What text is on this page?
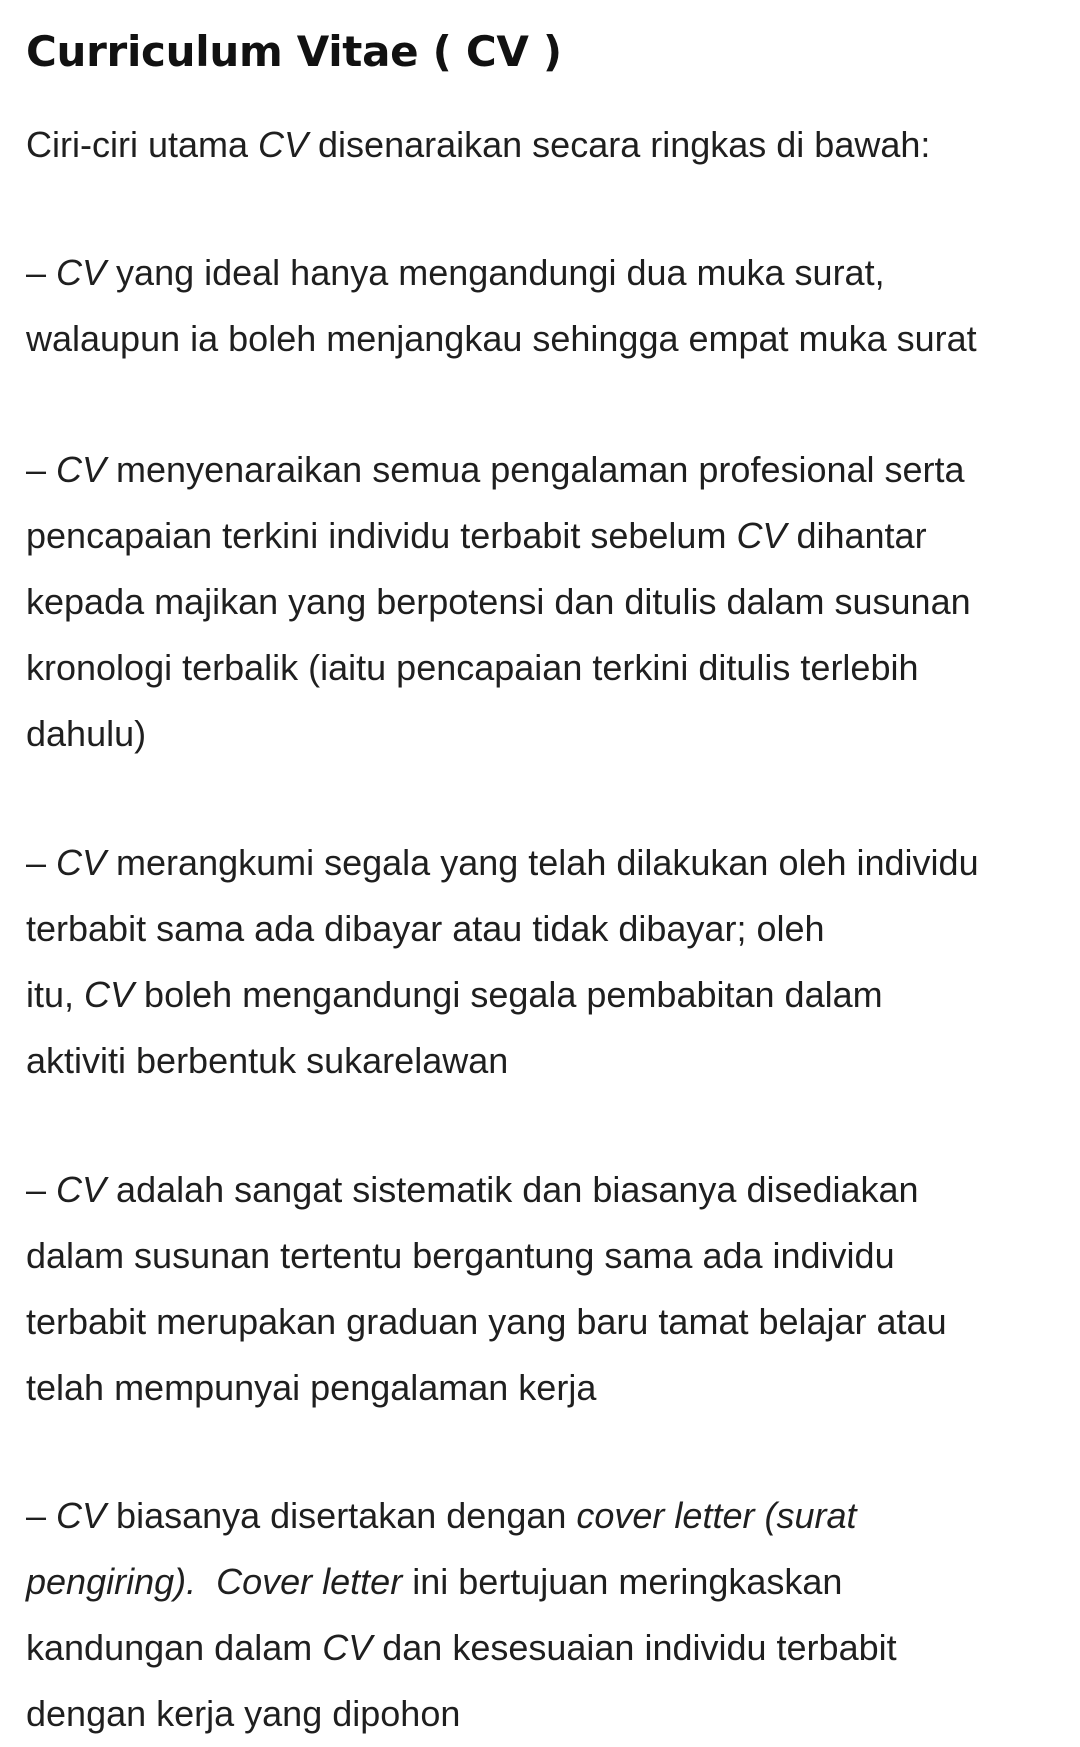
Curriculum Vitae ( CV )

Ciri-ciri utama CV disenaraikan secara ringkas di bawah:

– CV yang ideal hanya mengandungi dua muka surat,
walaupun ia boleh menjangkau sehingga empat muka surat

– CV menyenaraikan semua pengalaman profesional serta
pencapaian terkini individu terbabit sebelum CV dihantar
kepada majikan yang berpotensi dan ditulis dalam susunan
kronologi terbalik (iaitu pencapaian terkini ditulis terlebih
dahulu)

– CV merangkumi segala yang telah dilakukan oleh individu
terbabit sama ada dibayar atau tidak dibayar; oleh
itu, CV boleh mengandungi segala pembabitan dalam
aktiviti berbentuk sukarelawan

– CV adalah sangat sistematik dan biasanya disediakan
dalam susunan tertentu bergantung sama ada individu
terbabit merupakan graduan yang baru tamat belajar atau
telah mempunyai pengalaman kerja

– CV biasanya disertakan dengan cover letter (surat
pengiring). Cover letter ini bertujuan meringkaskan
kandungan dalam CV dan kesesuaian individu terbabit
dengan kerja yang dipohon
